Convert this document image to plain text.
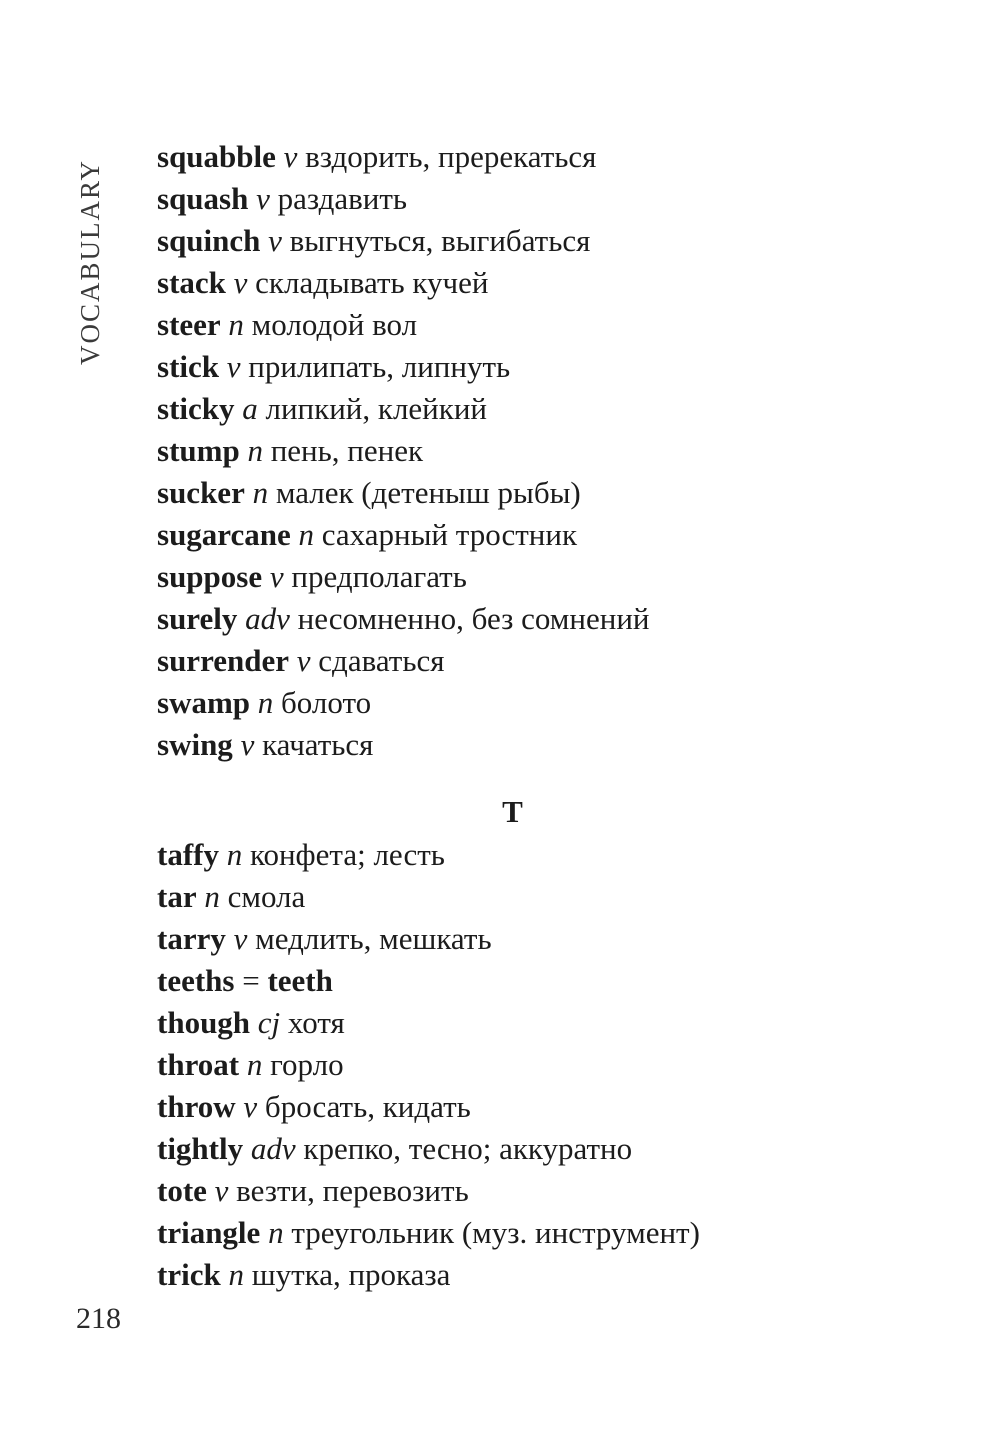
VOCABULARY
squabble v вздорить, пререкаться
squash v раздавить
squinch v выгнуться, выгибаться
stack v складывать кучей
steer n молодой вол
stick v прилипать, липнуть
sticky a липкий, клейкий
stump n пень, пенек
sucker n малек (детеныш рыбы)
sugarcane n сахарный тростник
suppose v предполагать
surely adv несомненно, без сомнений
surrender v сдаваться
swamp n болото
swing v качаться
T
taffy n конфета; лесть
tar n смола
tarry v медлить, мешкать
teeths = teeth
though cj хотя
throat n горло
throw v бросать, кидать
tightly adv крепко, тесно; аккуратно
tote v везти, перевозить
triangle n треугольник (муз. инструмент)
trick n шутка, проказа
218
